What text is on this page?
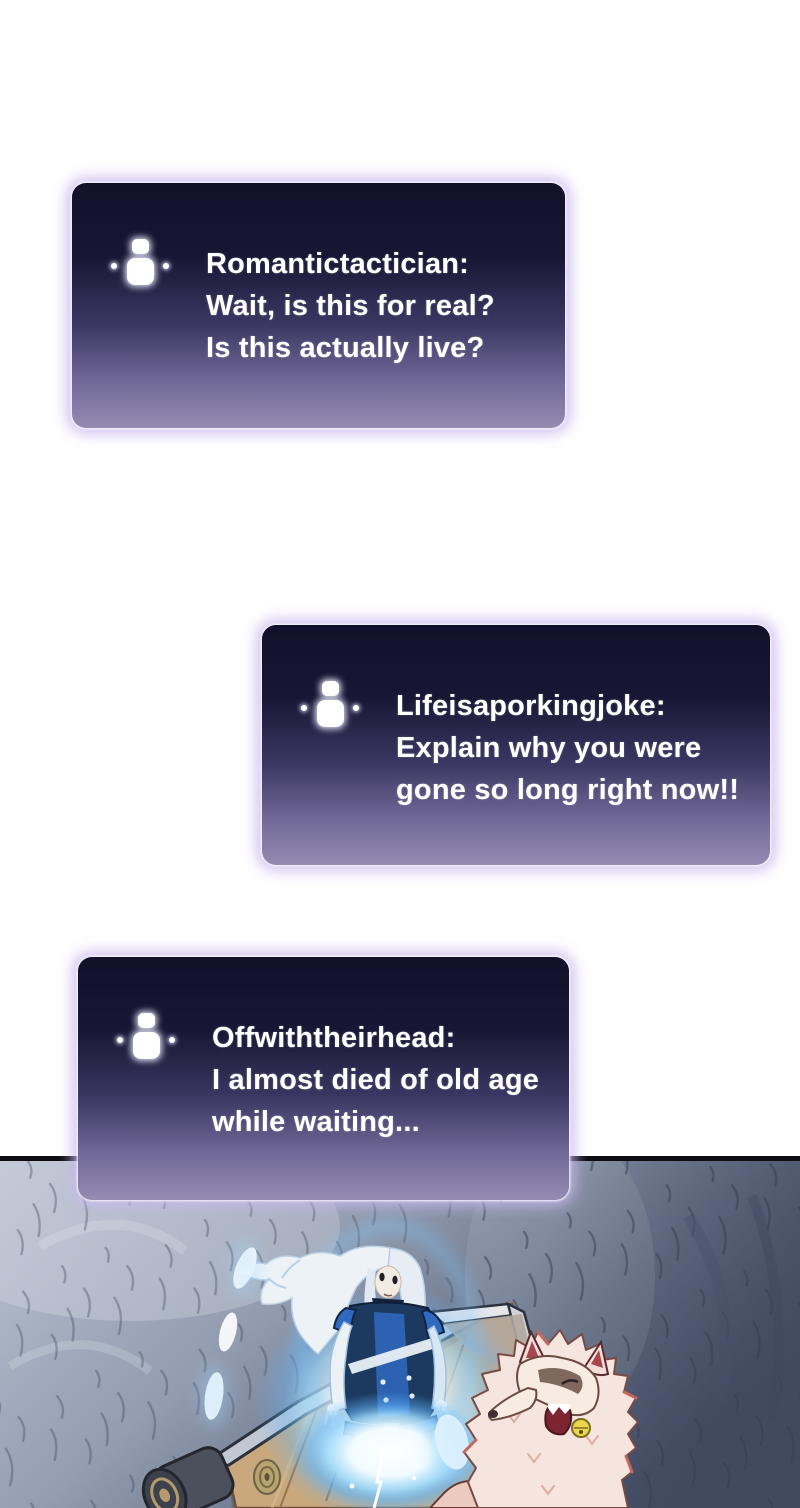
Romantictactician:
Wait, is this for real?
Is this actually live?
Lifeisaporkingjoke:
Explain why you were
gone so long right now!!
Offwiththeirhead:
I almost died of old age
while waiting...
